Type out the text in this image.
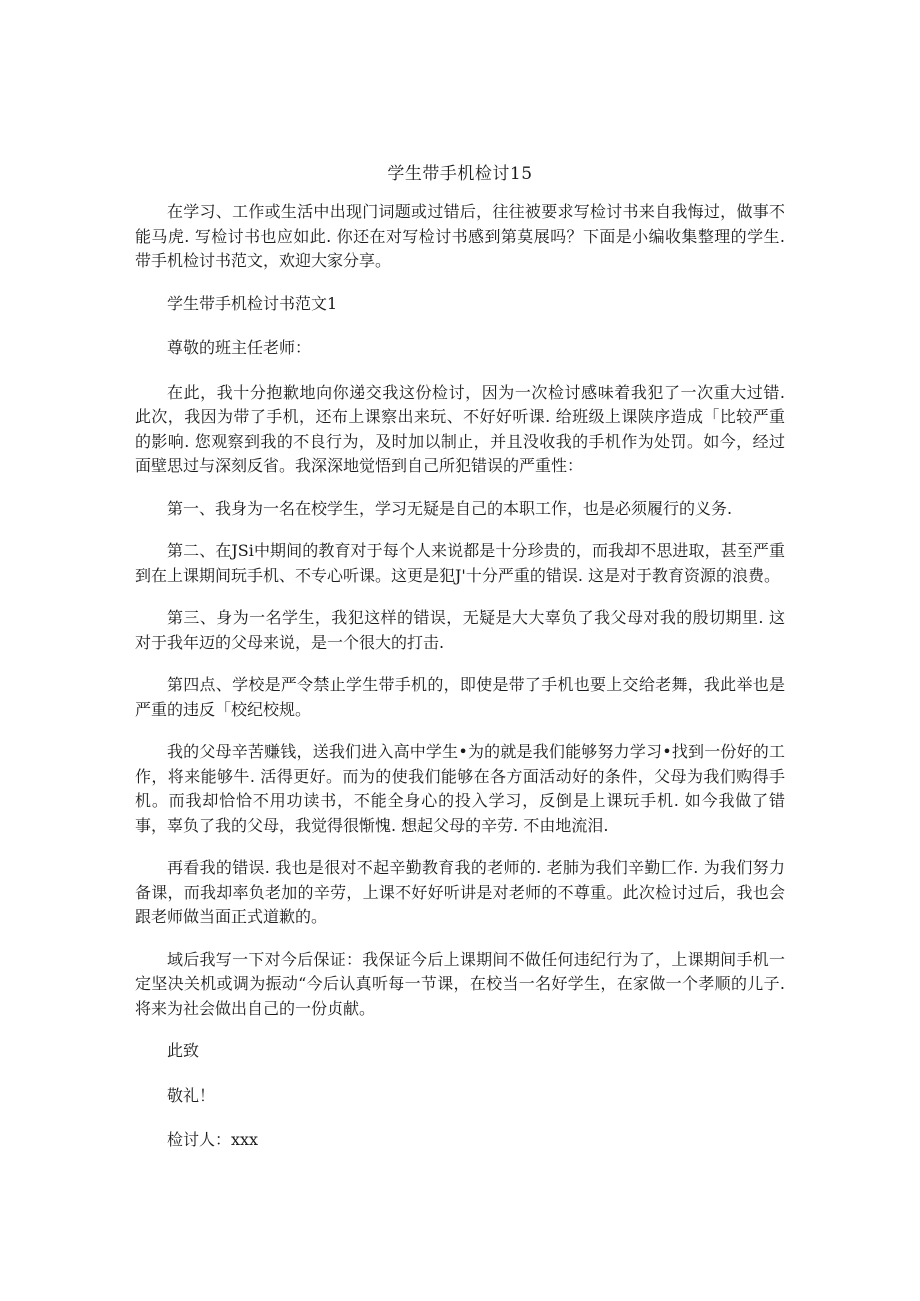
学生带手机检讨15

在学习、工作或生活中出现门词题或过错后，往往被要求写检讨书来自我悔过，做事不能马虎. 写检讨书也应如此. 你还在对写检讨书感到第莫展吗？下面是小编收集整理的学生. 带手机检讨书范文，欢迎大家分享。

学生带手机检讨书范文1

尊敬的班主任老师：

在此，我十分抱歉地向你递交我这份检讨，因为一次检讨感味着我犯了一次重大过错. 此次，我因为带了手机，还布上课察出来玩、不好好听课. 给班级上课陕序造成「比较严重的影响. 您观察到我的不良行为，及时加以制止，并且没收我的手机作为处罚。如今，经过面壁思过与深刻反省。我深深地觉悟到自己所犯错误的严重性：

第一、我身为一名在校学生，学习无疑是自己的本职工作，也是必须履行的义务.

第二、在JSi中期间的教育对于每个人来说都是十分珍贵的，而我却不思进取，甚至严重到在上课期间玩手机、不专心听课。这更是犯J'十分严重的错误. 这是对于教育资源的浪费。

第三、身为一名学生，我犯这样的错误，无疑是大大辜负了我父母对我的殷切期里. 这对于我年迈的父母来说，是一个很大的打击.

第四点、学校是严令禁止学生带手机的，即使是带了手机也要上交给老舞，我此举也是严重的违反「校纪校规。

我的父母辛苦赚钱，送我们进入高中学生•为的就是我们能够努力学习•找到一份好的工作，将来能够牛. 活得更好。而为的使我们能够在各方面活动好的条件，父母为我们购得手机。而我却恰恰不用功读书，不能全身心的投入学习，反倒是上课玩手机. 如今我做了错事，辜负了我的父母，我觉得很惭愧. 想起父母的辛劳. 不由地流泪.

再看我的错误. 我也是很对不起辛勤教育我的老师的. 老肺为我们辛勤匚作. 为我们努力备课，而我却率负老加的辛劳，上课不好好听讲是对老师的不尊重。此次检讨过后，我也会跟老师做当面正式道歉的。

域后我写一下对今后保证：我保证今后上课期间不做任何违纪行为了，上课期间手机一定坚决关机或调为振动“今后认真听每一节课，在校当一名好学生，在家做一个孝顺的儿子. 将来为社会做出自己的一份贞献。

此致

敬礼！

检讨人：xxx
